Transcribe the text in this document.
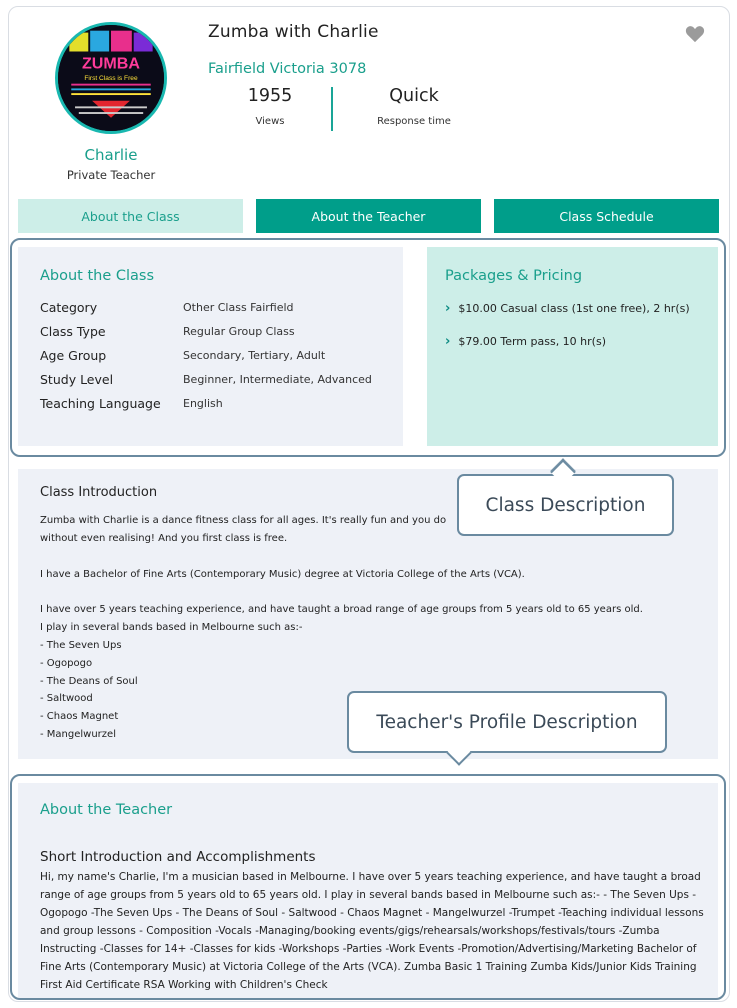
ZUMBA
First Class is Free
Charlie
Private Teacher
Zumba with Charlie
Fairfield Victoria 3078
1955
Views
Quick
Response time
About the Class	About the Teacher	Class Schedule
About the Class
Category	Other Class Fairfield
Class Type	Regular Group Class
Age Group	Secondary, Tertiary, Adult
Study Level	Beginner, Intermediate, Advanced
Teaching Language English
Packages & Pricing
› $10.00 Casual class (1st one free), 2 hr(s)
› $79.00 Term pass, 10 hr(s)
Class Introduction
Zumba with Charlie is a dance fitness class for all ages. It's really fun and you do
without even realising! And you first class is free.
I have a Bachelor of Fine Arts (Contemporary Music) degree at Victoria College of the Arts (VCA).
I have over 5 years teaching experience, and have taught a broad range of age groups from 5 years old to 65 years old.
I play in several bands based in Melbourne such as:-
- The Seven Ups
- Ogopogo
- The Deans of Soul
- Saltwood
- Chaos Magnet
- Mangelwurzel
About the Teacher
Short Introduction and Accomplishments
Hi, my name's Charlie, I'm a musician based in Melbourne. I have over 5 years teaching experience, and have taught a broad range of age groups from 5 years old to 65 years old. I play in several bands based in Melbourne such as:- - The Seven Ups - Ogopogo -The Seven Ups - The Deans of Soul - Saltwood - Chaos Magnet - Mangelwurzel -Trumpet -Teaching individual lessons and group lessons - Composition -Vocals -Managing/booking events/gigs/rehearsals/workshops/festivals/tours -Zumba Instructing -Classes for 14+ -Classes for kids -Workshops -Parties -Work Events -Promotion/Advertising/Marketing Bachelor of Fine Arts (Contemporary Music) at Victoria College of the Arts (VCA). Zumba Basic 1 Training Zumba Kids/Junior Kids Training First Aid Certificate RSA Working with Children's Check
Class Description
Teacher's Profile Description
